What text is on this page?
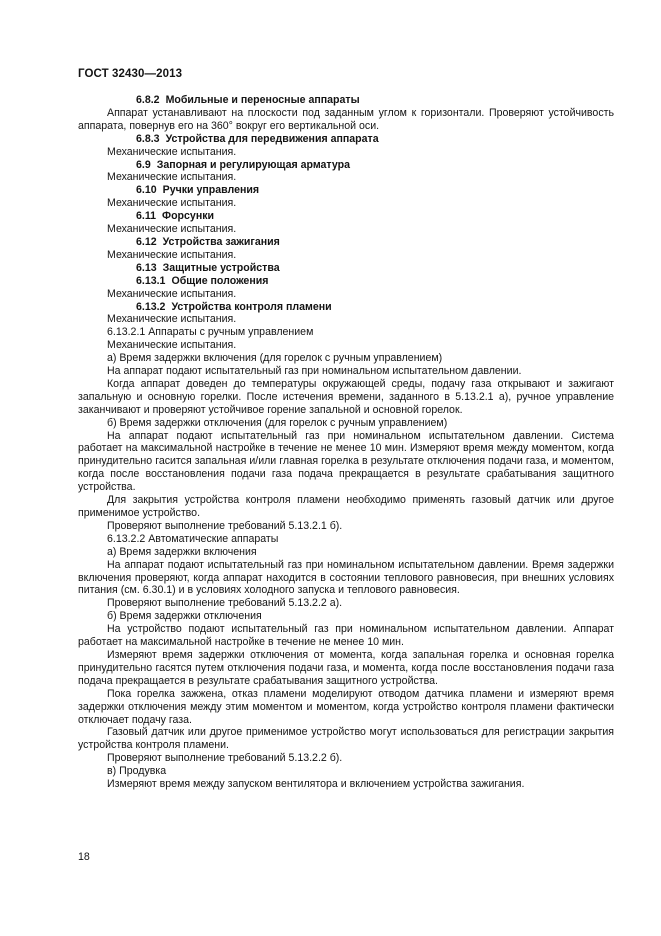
ГОСТ 32430—2013

6.8.2 Мобильные и переносные аппараты

Аппарат устанавливают на плоскости под заданным углом к горизонтали. Проверяют устойчивость аппарата, повернув его на 360° вокруг его вертикальной оси.

6.8.3 Устройства для передвижения аппарата

Механические испытания.

6.9 Запорная и регулирующая арматура

Механические испытания.

6.10 Ручки управления

Механические испытания.

6.11 Форсунки

Механические испытания.

6.12 Устройства зажигания

Механические испытания.

6.13 Защитные устройства

6.13.1 Общие положения

Механические испытания.

6.13.2 Устройства контроля пламени

Механические испытания.

6.13.2.1 Аппараты с ручным управлением

Механические испытания.

а) Время задержки включения (для горелок с ручным управлением)

На аппарат подают испытательный газ при номинальном испытательном давлении.

Когда аппарат доведен до температуры окружающей среды, подачу газа открывают и зажигают запальную и основную горелки. После истечения времени, заданного в 5.13.2.1 а), ручное управление заканчивают и проверяют устойчивое горение запальной и основной горелок.

б) Время задержки отключения (для горелок с ручным управлением)

На аппарат подают испытательный газ при номинальном испытательном давлении. Система работает на максимальной настройке в течение не менее 10 мин. Измеряют время между моментом, когда принудительно гасится запальная и/или главная горелка в результате отключения подачи газа, и моментом, когда после восстановления подачи газа подача прекращается в результате срабатывания защитного устройства.

Для закрытия устройства контроля пламени необходимо применять газовый датчик или другое применимое устройство.

Проверяют выполнение требований 5.13.2.1 б).

6.13.2.2 Автоматические аппараты

а) Время задержки включения

На аппарат подают испытательный газ при номинальном испытательном давлении. Время задержки включения проверяют, когда аппарат находится в состоянии теплового равновесия, при внешних условиях питания (см. 6.30.1) и в условиях холодного запуска и теплового равновесия.

Проверяют выполнение требований 5.13.2.2 а).

б) Время задержки отключения

На устройство подают испытательный газ при номинальном испытательном давлении. Аппарат работает на максимальной настройке в течение не менее 10 мин.

Измеряют время задержки отключения от момента, когда запальная горелка и основная горелка принудительно гасятся путем отключения подачи газа, и момента, когда после восстановления подачи газа подача прекращается в результате срабатывания защитного устройства.

Пока горелка зажжена, отказ пламени моделируют отводом датчика пламени и измеряют время задержки отключения между этим моментом и моментом, когда устройство контроля пламени фактически отключает подачу газа.

Газовый датчик или другое применимое устройство могут использоваться для регистрации закрытия устройства контроля пламени.

Проверяют выполнение требований 5.13.2.2 б).

в) Продувка

Измеряют время между запуском вентилятора и включением устройства зажигания.

18
